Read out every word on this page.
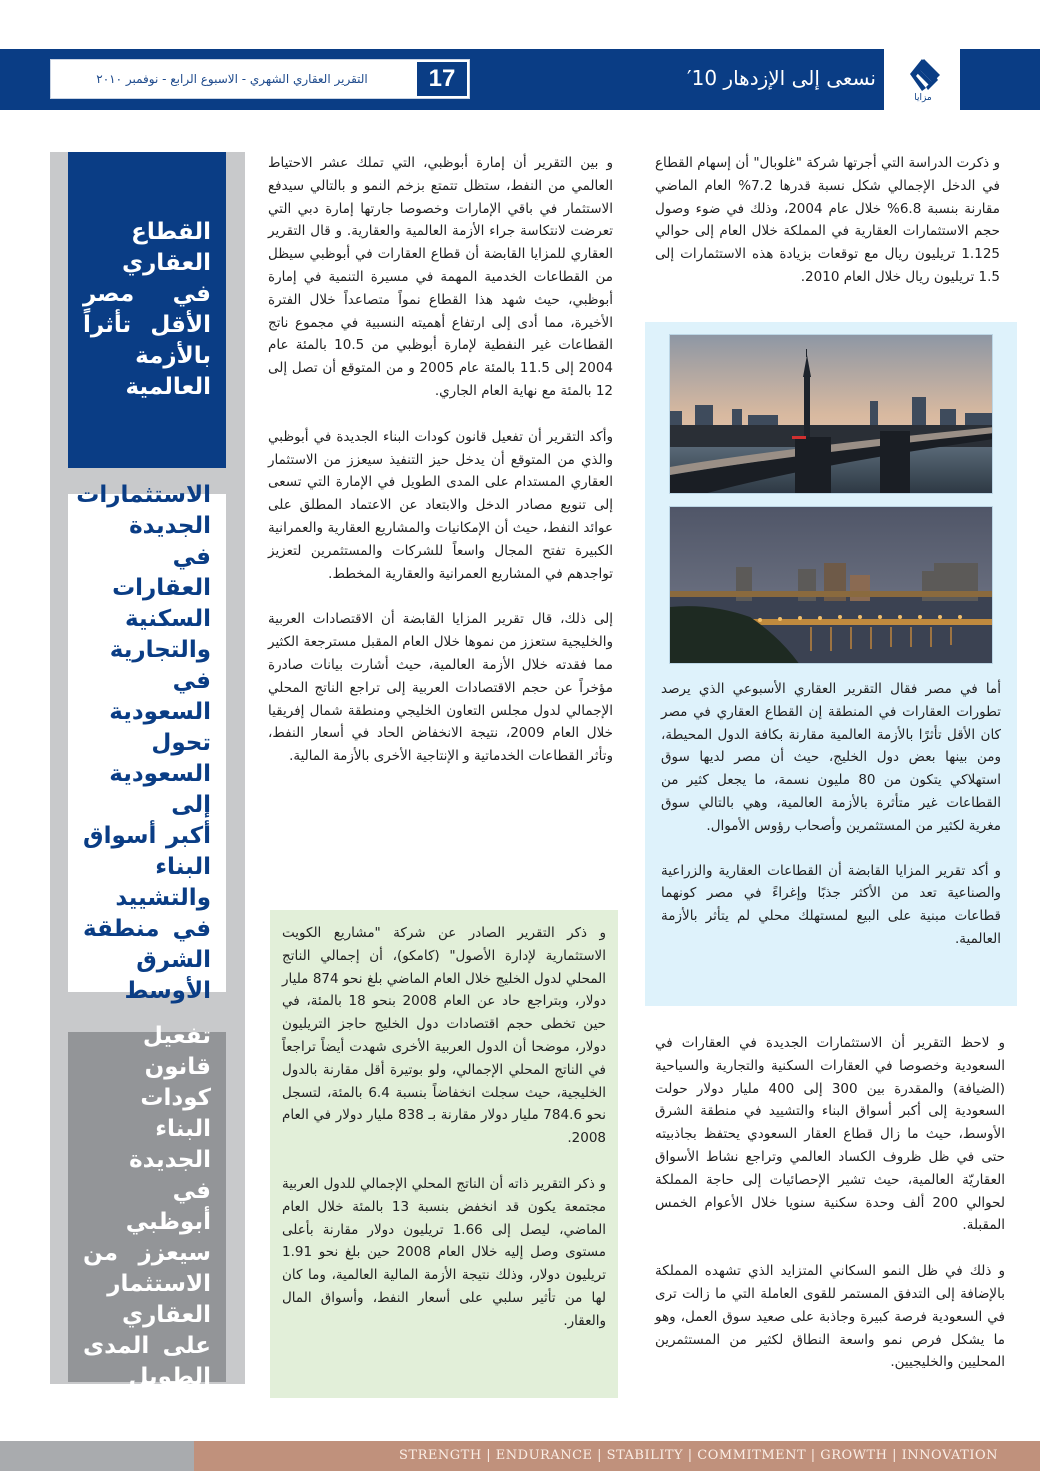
التقرير العقاري الشهري - الاسبوع الرابع - نوفمبر ٢٠١٠	17	نسعى إلى الإزدهار 10′
مزايا
القطاع
العقاري
في مصر
الأقل تأثراً
بالأزمة
العالمية
الاستثمارات
الجديدة
في العقارات
السكنية
والتجارية
في السعودية
تحول
السعودية إلى
أكبر أسواق
البناء
والتشييد
في منطقة
الشرق
الأوسط
تفعيل قانون
كودات البناء
الجديدة
في أبوظبي
سيعزز من
الاستثمار
العقاري
على المدى
الطويل

و بين التقرير أن إمارة أبوظبي، التي تملك عشر الاحتياط العالمي من النفط، ستظل تتمتع بزخم النمو و بالتالي سيدفع الاستثمار في باقي الإمارات وخصوصا جارتها إمارة دبي التي تعرضت لانتكاسة جراء الأزمة العالمية والعقارية. و قال التقرير العقاري للمزايا القابضة أن قطاع العقارات في أبوظبي سيظل من القطاعات الخدمية المهمة في مسيرة التنمية في إمارة أبوظبي، حيث شهد هذا القطاع نمواً متصاعداً خلال الفترة الأخيرة، مما أدى إلى ارتفاع أهميته النسبية في مجموع ناتج القطاعات غير النفطية لإمارة أبوظبي من 10.5 بالمئة عام 2004 إلى 11.5 بالمئة عام 2005 و من المتوقع أن تصل إلى 12 بالمئة مع نهاية العام الجاري.

وأكد التقرير أن تفعيل قانون كودات البناء الجديدة في أبوظبي والذي من المتوقع أن يدخل حيز التنفيذ سيعزز من الاستثمار العقاري المستدام على المدى الطويل في الإمارة التي تسعى إلى تنويع مصادر الدخل والابتعاد عن الاعتماد المطلق على عوائد النفط، حيث أن الإمكانيات والمشاريع العقارية والعمرانية الكبيرة تفتح المجال واسعاً للشركات والمستثمرين لتعزيز تواجدهم في المشاريع العمرانية والعقارية المخطط.

إلى ذلك، قال تقرير المزايا القابضة أن الاقتصادات العربية والخليجية ستعزز من نموها خلال العام المقبل مسترجعة الكثير مما فقدته خلال الأزمة العالمية، حيث أشارت بيانات صادرة مؤخراً عن حجم الاقتصادات العربية إلى تراجع الناتج المحلي الإجمالي لدول مجلس التعاون الخليجي ومنطقة شمال إفريقيا خلال العام 2009، نتيجة الانخفاض الحاد في أسعار النفط، وتأثر القطاعات الخدماتية و الإنتاجية الأخرى بالأزمة المالية.

و ذكر التقرير الصادر عن شركة "مشاريع الكويت الاستثمارية لإدارة الأصول" (كامكو)، أن إجمالي الناتج المحلي لدول الخليج خلال العام الماضي بلغ نحو 874 مليار دولار، وبتراجع حاد عن العام 2008 بنحو 18 بالمئة، في حين تخطى حجم اقتصادات دول الخليج حاجز التريليون دولار، موضحا أن الدول العربية الأخرى شهدت أيضاً تراجعاً في الناتج المحلي الإجمالي، ولو بوتيرة أقل مقارنة بالدول الخليجية، حيث سجلت انخفاضاً بنسبة 6.4 بالمئة، لتسجل نحو 784.6 مليار دولار مقارنة بـ 838 مليار دولار في العام 2008.

و ذكر التقرير ذاته أن الناتج المحلي الإجمالي للدول العربية مجتمعة يكون قد انخفض بنسبة 13 بالمئة خلال العام الماضي، ليصل إلى 1.66 تريليون دولار مقارنة بأعلى مستوى وصل إليه خلال العام 2008 حين بلغ نحو 1.91 تريليون دولار، وذلك نتيجة الأزمة المالية العالمية، وما كان لها من تأثير سلبي على أسعار النفط، وأسواق المال والعقار.

و ذكرت الدراسة التي أجرتها شركة "غلوبال" أن إسهام القطاع في الدخل الإجمالي شكل نسبة قدرها 7.2% العام الماضي مقارنة بنسبة 6.8% خلال عام 2004، وذلك في ضوء وصول حجم الاستثمارات العقارية في المملكة خلال العام إلى حوالي 1.125 تريليون ريال مع توقعات بزيادة هذه الاستثمارات إلى 1.5 تريليون ريال خلال العام 2010.

أما في مصر فقال التقرير العقاري الأسبوعي الذي يرصد تطورات العقارات في المنطقة إن القطاع العقاري في مصر كان الأقل تأثرًا بالأزمة العالمية مقارنة بكافة الدول المحيطة، ومن بينها بعض دول الخليج، حيث أن مصر لديها سوق استهلاكي يتكون من 80 مليون نسمة، ما يجعل كثير من القطاعات غير متأثرة بالأزمة العالمية، وهي بالتالي سوق مغرية لكثير من المستثمرين وأصحاب رؤوس الأموال.

و أكد تقرير المزايا القابضة أن القطاعات العقارية والزراعية والصناعية تعد من الأكثر جذبًا وإغراءً في مصر كونهما قطاعات مبنية على البيع لمستهلك محلي لم يتأثر بالأزمة العالمية.

و لاحظ التقرير أن الاستثمارات الجديدة في العقارات في السعودية وخصوصا في العقارات السكنية والتجارية والسياحية (الضيافة) والمقدرة بين 300 إلى 400 مليار دولار حولت السعودية إلى أكبر أسواق البناء والتشييد في منطقة الشرق الأوسط، حيث ما زال قطاع العقار السعودي يحتفظ بجاذبيته حتى في ظل ظروف الكساد العالمي وتراجع نشاط الأسواق العقاريّة العالمية، حيث تشير الإحصائيات إلى حاجة المملكة لحوالي 200 ألف وحدة سكنية سنويا خلال الأعوام الخمس المقبلة.

و ذلك في ظل النمو السكاني المتزايد الذي تشهده المملكة بالإضافة إلى التدفق المستمر للقوى العاملة التي ما زالت ترى في السعودية فرصة كبيرة وجاذبة على صعيد سوق العمل، وهو ما يشكل فرص نمو واسعة النطاق لكثير من المستثمرين المحليين والخليجيين.

STRENGTH | ENDURANCE | STABILITY | COMMITMENT | GROWTH | INNOVATION
